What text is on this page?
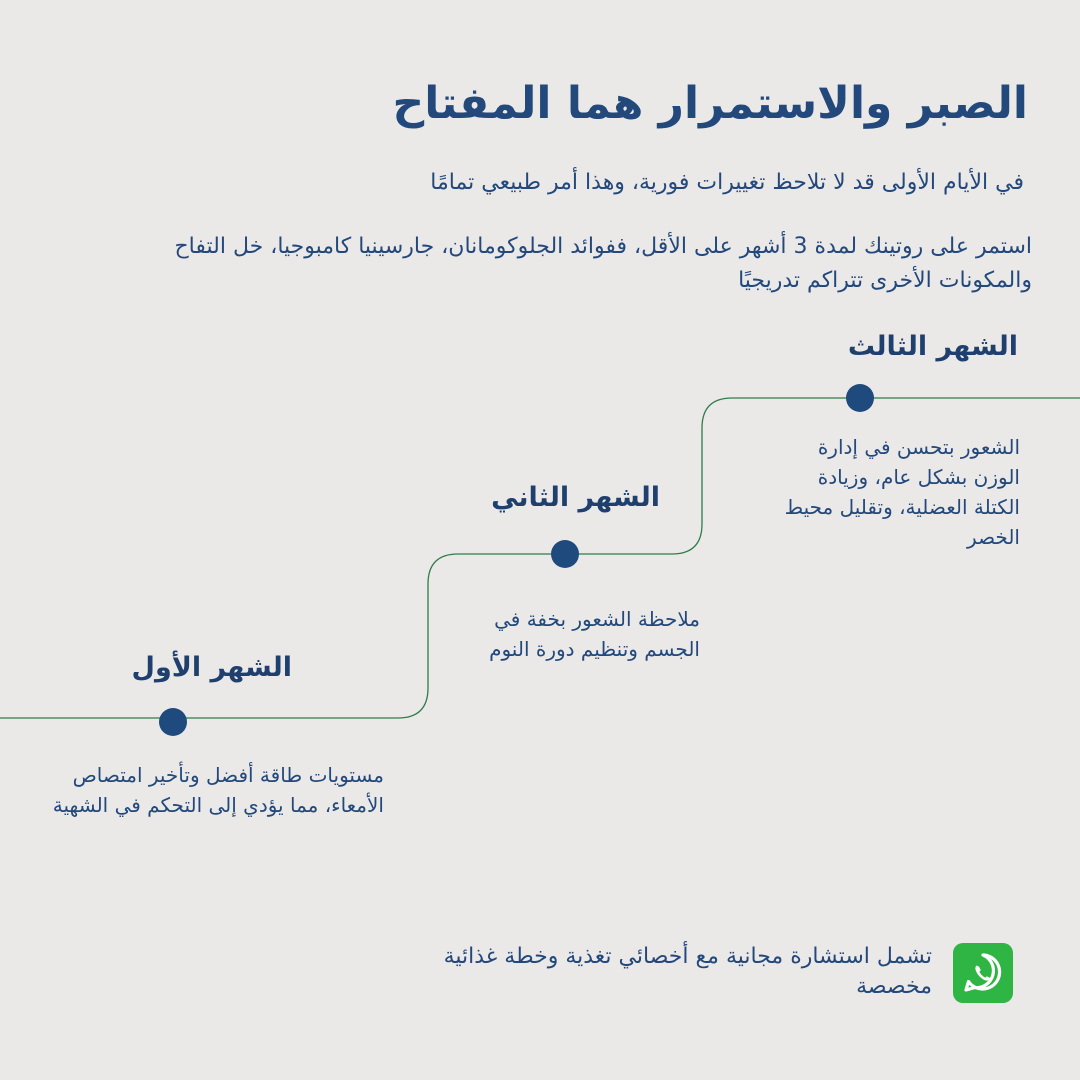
الصبر والاستمرار هما المفتاح
في الأيام الأولى قد لا تلاحظ تغييرات فورية، وهذا أمر طبيعي تمامًا
استمر على روتينك لمدة 3 أشهر على الأقل، ففوائد الجلوكومانان، جارسينيا كامبوجيا، خل التفاح والمكونات الأخرى تتراكم تدريجيًا
الشهر الأول
مستويات طاقة أفضل وتأخير امتصاص الأمعاء، مما يؤدي إلى التحكم في الشهية
الشهر الثاني
ملاحظة الشعور بخفة في الجسم وتنظيم دورة النوم
الشهر الثالث
الشعور بتحسن في إدارة الوزن بشكل عام، وزيادة الكتلة العضلية، وتقليل محيط الخصر
تشمل استشارة مجانية مع أخصائي تغذية وخطة غذائية مخصصة
